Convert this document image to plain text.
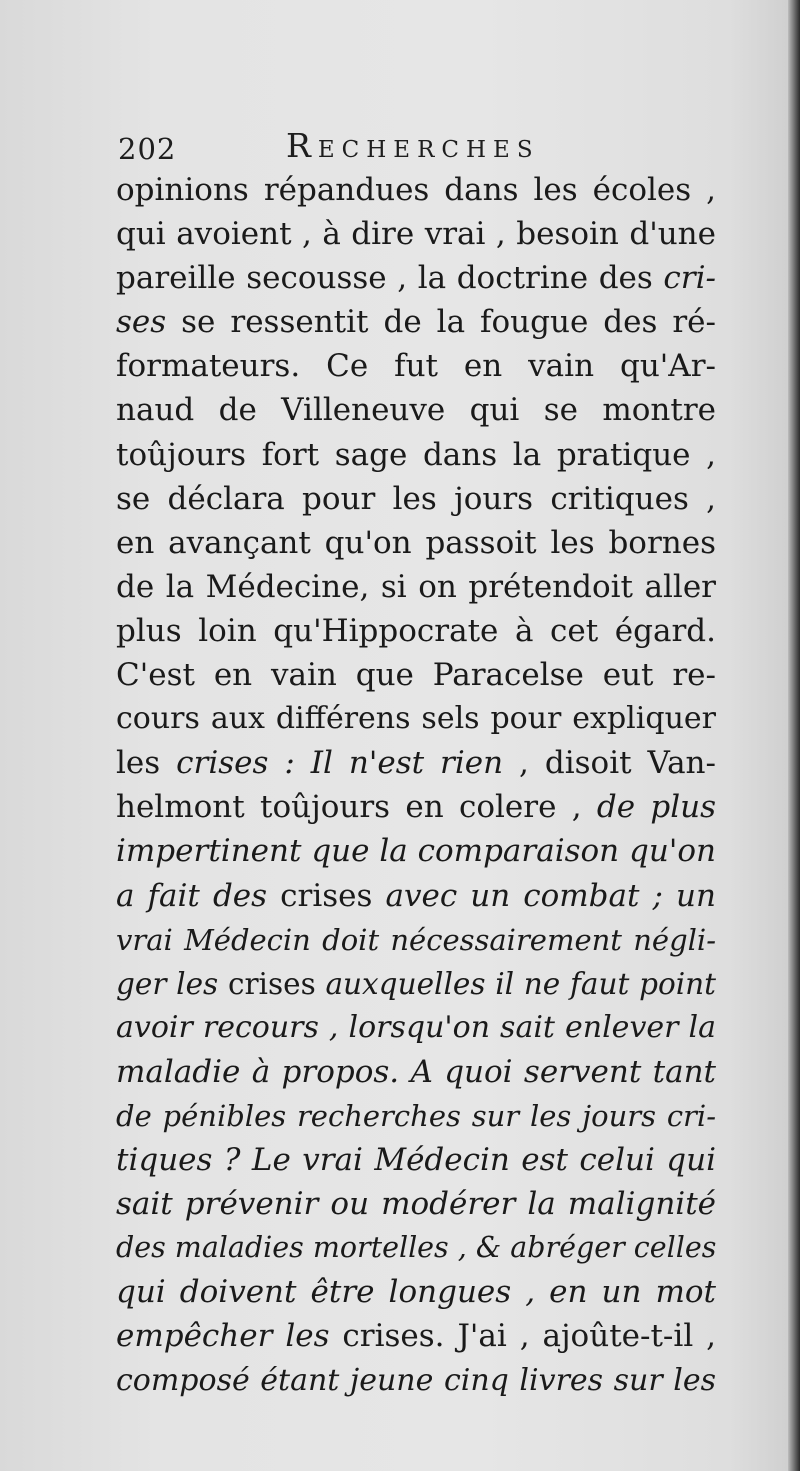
202	Recherches
opinions répandues dans les écoles ,
qui avoient , à dire vrai , besoin d'une
pareille secousse , la doctrine des cri-
ses se ressentit de la fougue des ré-
formateurs. Ce fut en vain qu'Ar-
naud de Villeneuve qui se montre
toûjours fort sage dans la pratique ,
se déclara pour les jours critiques ,
en avançant qu'on passoit les bornes
de la Médecine, si on prétendoit aller
plus loin qu'Hippocrate à cet égard.
C'est en vain que Paracelse eut re-
cours aux différens sels pour expliquer
les crises : Il n'est rien , disoit Van-
helmont toûjours en colere , de plus
impertinent que la comparaison qu'on
a fait des crises avec un combat ; un
vrai Médecin doit nécessairement négli-
ger les crises auxquelles il ne faut point
avoir recours , lorsqu'on sait enlever la
maladie à propos. A quoi servent tant
de pénibles recherches sur les jours cri-
tiques ? Le vrai Médecin est celui qui
sait prévenir ou modérer la malignité
des maladies mortelles , & abréger celles
qui doivent être longues , en un mot
empêcher les crises. J'ai , ajoûte-t-il ,
composé étant jeune cinq livres sur les
